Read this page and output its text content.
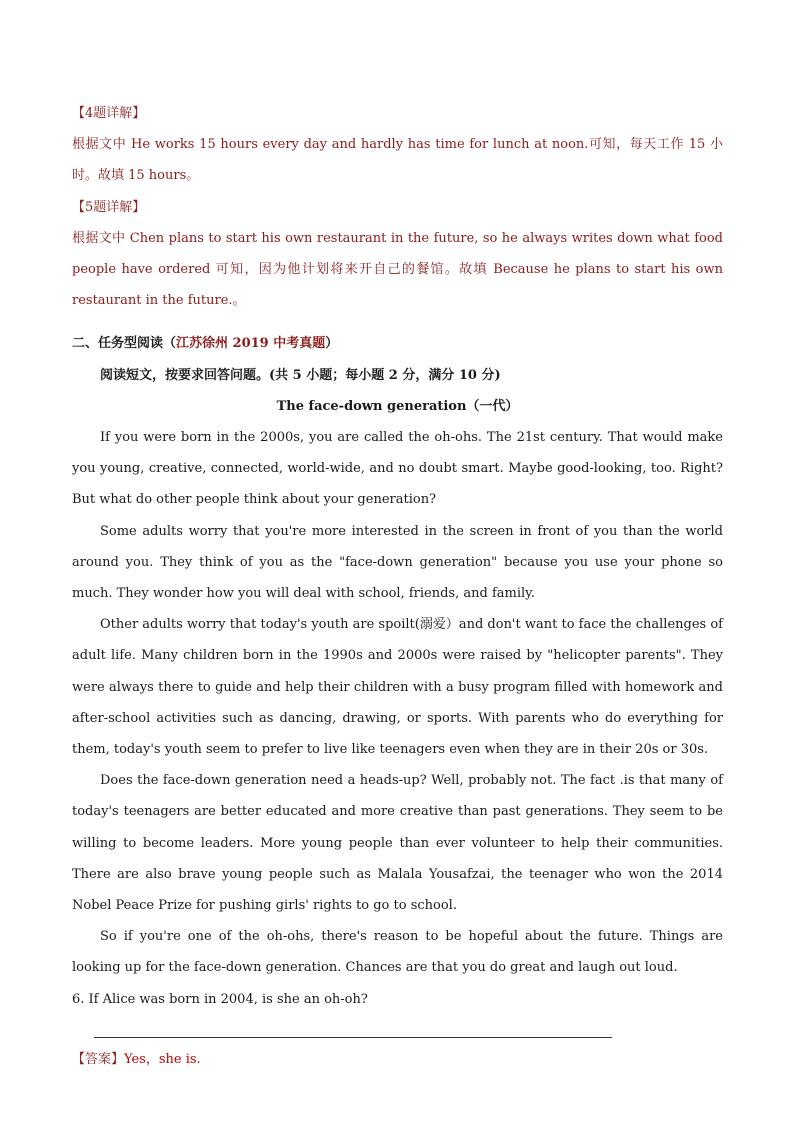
【4题详解】

根据文中 He works 15 hours every day and hardly has time for lunch at noon.可知，每天工作 15 小时。故填 15 hours。

【5题详解】

根据文中 Chen plans to start his own restaurant in the future, so he always writes down what food people have ordered 可知，因为他计划将来开自己的餐馆。故填 Because he plans to start his own restaurant in the future.。

二、任务型阅读（江苏徐州 2019 中考真题）

阅读短文，按要求回答问题。(共 5 小题；每小题 2 分，满分 10 分)

The face-down generation（一代）

If you were born in the 2000s, you are called the oh-ohs. The 21st century. That would make you young, creative, connected, world-wide, and no doubt smart. Maybe good-looking, too. Right? But what do other people think about your generation?

Some adults worry that you're more interested in the screen in front of you than the world around you. They think of you as the "face-down generation" because you use your phone so much. They wonder how you will deal with school, friends, and family.

Other adults worry that today's youth are spoilt(溺爱）and don't want to face the challenges of adult life. Many children born in the 1990s and 2000s were raised by "helicopter parents". They were always there to guide and help their children with a busy program filled with homework and after-school activities such as dancing, drawing, or sports. With parents who do everything for them, today's youth seem to prefer to live like teenagers even when they are in their 20s or 30s.

Does the face-down generation need a heads-up? Well, probably not. The fact .is that many of today's teenagers are better educated and more creative than past generations. They seem to be willing to become leaders. More young people than ever volunteer to help their communities. There are also brave young people such as Malala Yousafzai, the teenager who won the 2014 Nobel Peace Prize for pushing girls' rights to go to school.

So if you're one of the oh-ohs, there's reason to be hopeful about the future. Things are looking up for the face-down generation. Chances are that you do great and laugh out loud.

6. If Alice was born in 2004, is she an oh-oh?

【答案】Yes，she is.
